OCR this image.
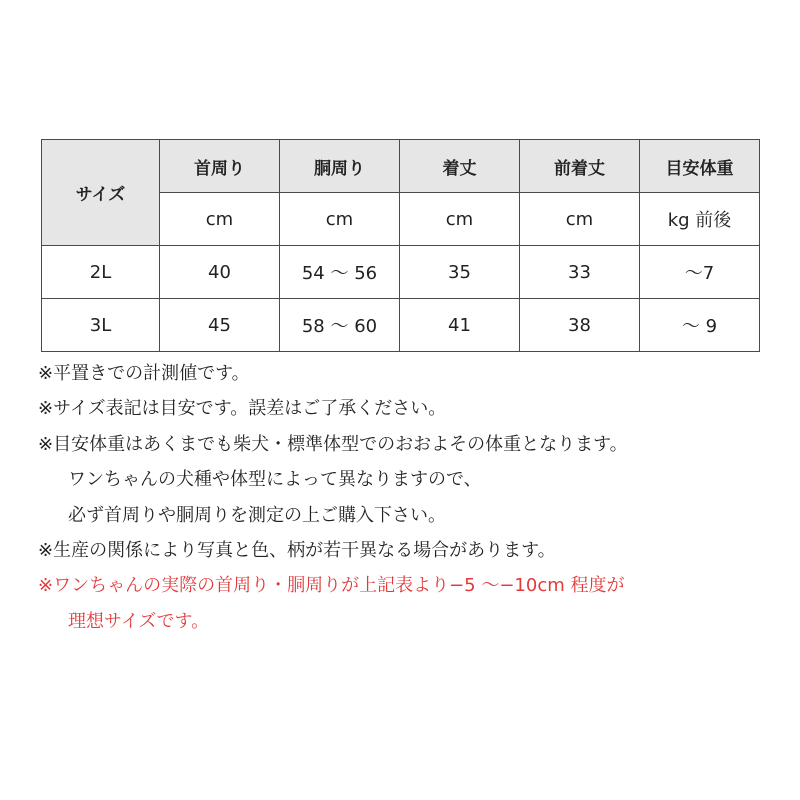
サイズ	首周り	胴周り	着丈	前着丈	目安体重
	cm	cm	cm	cm	kg 前後
2L	40	54 〜 56	35	33	〜7
3L	45	58 〜 60	41	38	〜 9
※平置きでの計測値です。
※サイズ表記は目安です。誤差はご了承ください。
※目安体重はあくまでも柴犬・標準体型でのおおよその体重となります。
ワンちゃんの犬種や体型によって異なりますので、
必ず首周りや胴周りを測定の上ご購入下さい。
※生産の関係により写真と色、柄が若干異なる場合があります。
※ワンちゃんの実際の首周り・胴周りが上記表より−5 〜−10cm 程度が
理想サイズです。
